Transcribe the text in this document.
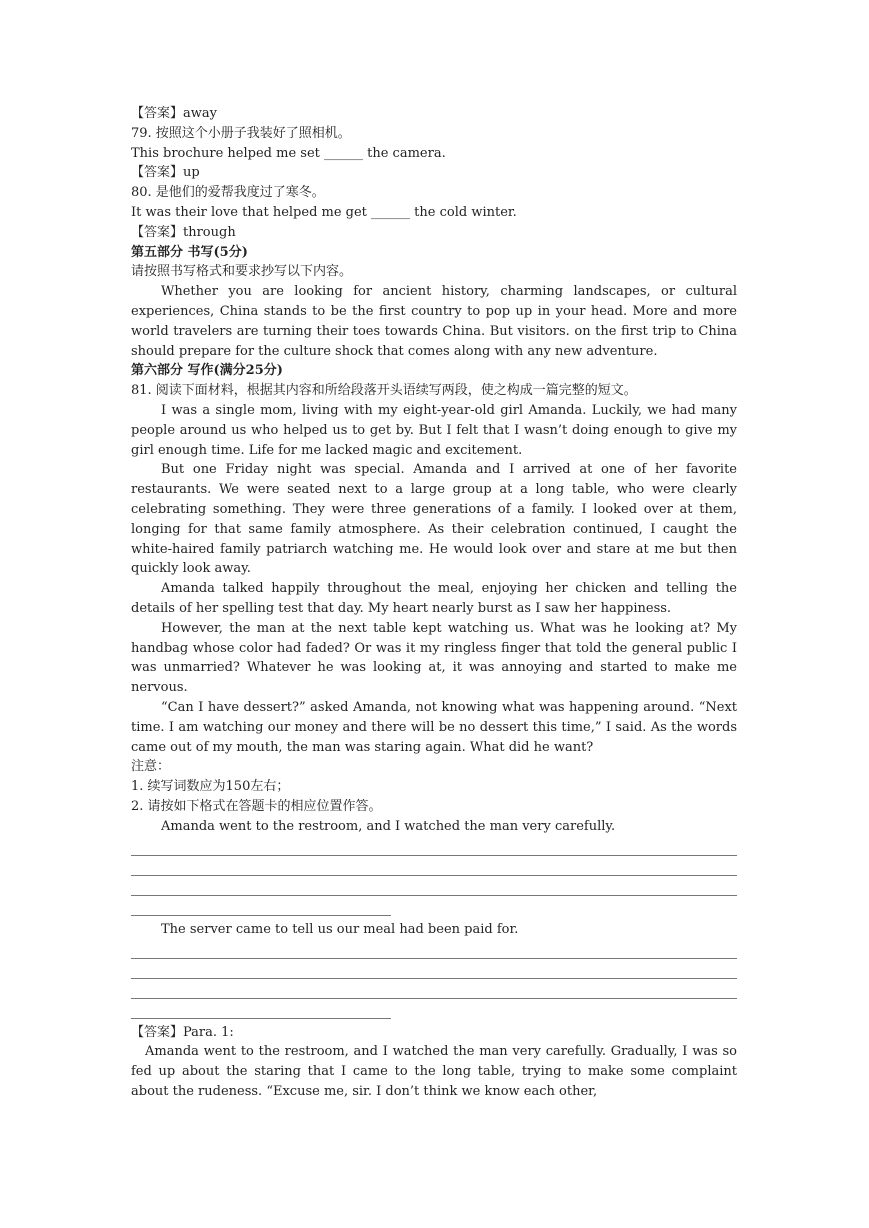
【答案】away
79. 按照这个小册子我装好了照相机。
This brochure helped me set ______ the camera.
【答案】up
80. 是他们的爱帮我度过了寒冬。
It was their love that helped me get ______ the cold winter.
【答案】through
第五部分 书写(5分)
请按照书写格式和要求抄写以下内容。
Whether you are looking for ancient history, charming landscapes, or cultural experiences, China stands to be the first country to pop up in your head. More and more world travelers are turning their toes towards China. But visitors. on the first trip to China should prepare for the culture shock that comes along with any new adventure.
第六部分 写作(满分25分)
81. 阅读下面材料，根据其内容和所给段落开头语续写两段，使之构成一篇完整的短文。
I was a single mom, living with my eight-year-old girl Amanda. Luckily, we had many people around us who helped us to get by. But I felt that I wasn’t doing enough to give my girl enough time. Life for me lacked magic and excitement.
But one Friday night was special. Amanda and I arrived at one of her favorite restaurants. We were seated next to a large group at a long table, who were clearly celebrating something. They were three generations of a family. I looked over at them, longing for that same family atmosphere. As their celebration continued, I caught the white-haired family patriarch watching me. He would look over and stare at me but then quickly look away.
Amanda talked happily throughout the meal, enjoying her chicken and telling the details of her spelling test that day. My heart nearly burst as I saw her happiness.
However, the man at the next table kept watching us. What was he looking at? My handbag whose color had faded? Or was it my ringless finger that told the general public I was unmarried? Whatever he was looking at, it was annoying and started to make me nervous.
“Can I have dessert?” asked Amanda, not knowing what was happening around. “Next time. I am watching our money and there will be no dessert this time,” I said. As the words came out of my mouth, the man was staring again. What did he want?
注意：
1. 续写词数应为150左右；
2. 请按如下格式在答题卡的相应位置作答。
Amanda went to the restroom, and I watched the man very carefully.
The server came to tell us our meal had been paid for.
【答案】Para. 1:
Amanda went to the restroom, and I watched the man very carefully. Gradually, I was so fed up about the staring that I came to the long table, trying to make some complaint about the rudeness. “Excuse me, sir. I don’t think we know each other,
